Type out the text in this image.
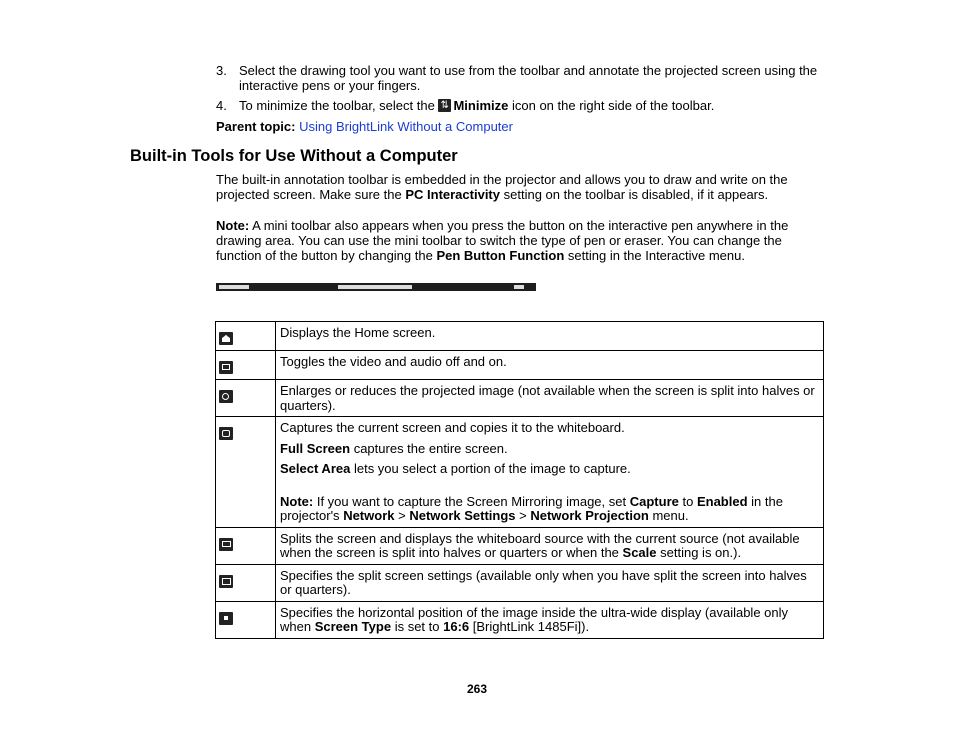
3. Select the drawing tool you want to use from the toolbar and annotate the projected screen using the interactive pens or your fingers.
4. To minimize the toolbar, select the ⇅ Minimize icon on the right side of the toolbar.
Parent topic: Using BrightLink Without a Computer
Built-in Tools for Use Without a Computer
The built-in annotation toolbar is embedded in the projector and allows you to draw and write on the projected screen. Make sure the PC Interactivity setting on the toolbar is disabled, if it appears.
Note: A mini toolbar also appears when you press the button on the interactive pen anywhere in the drawing area. You can use the mini toolbar to switch the type of pen or eraser. You can change the function of the button by changing the Pen Button Function setting in the Interactive menu.
	Displays the Home screen.

	Toggles the video and audio off and on.

	Enlarges or reduces the projected image (not available when the screen is split into halves or quarters).

	Captures the current screen and copies it to the whiteboard.
Full Screen captures the entire screen.
Select Area lets you select a portion of the image to capture.
Note: If you want to capture the Screen Mirroring image, set Capture to Enabled in the projector's Network > Network Settings > Network Projection menu.

	Splits the screen and displays the whiteboard source with the current source (not available when the screen is split into halves or quarters or when the Scale setting is on.).

	Specifies the split screen settings (available only when you have split the screen into halves or quarters).

	Specifies the horizontal position of the image inside the ultra-wide display (available only when Screen Type is set to 16:6 [BrightLink 1485Fi]).
263
